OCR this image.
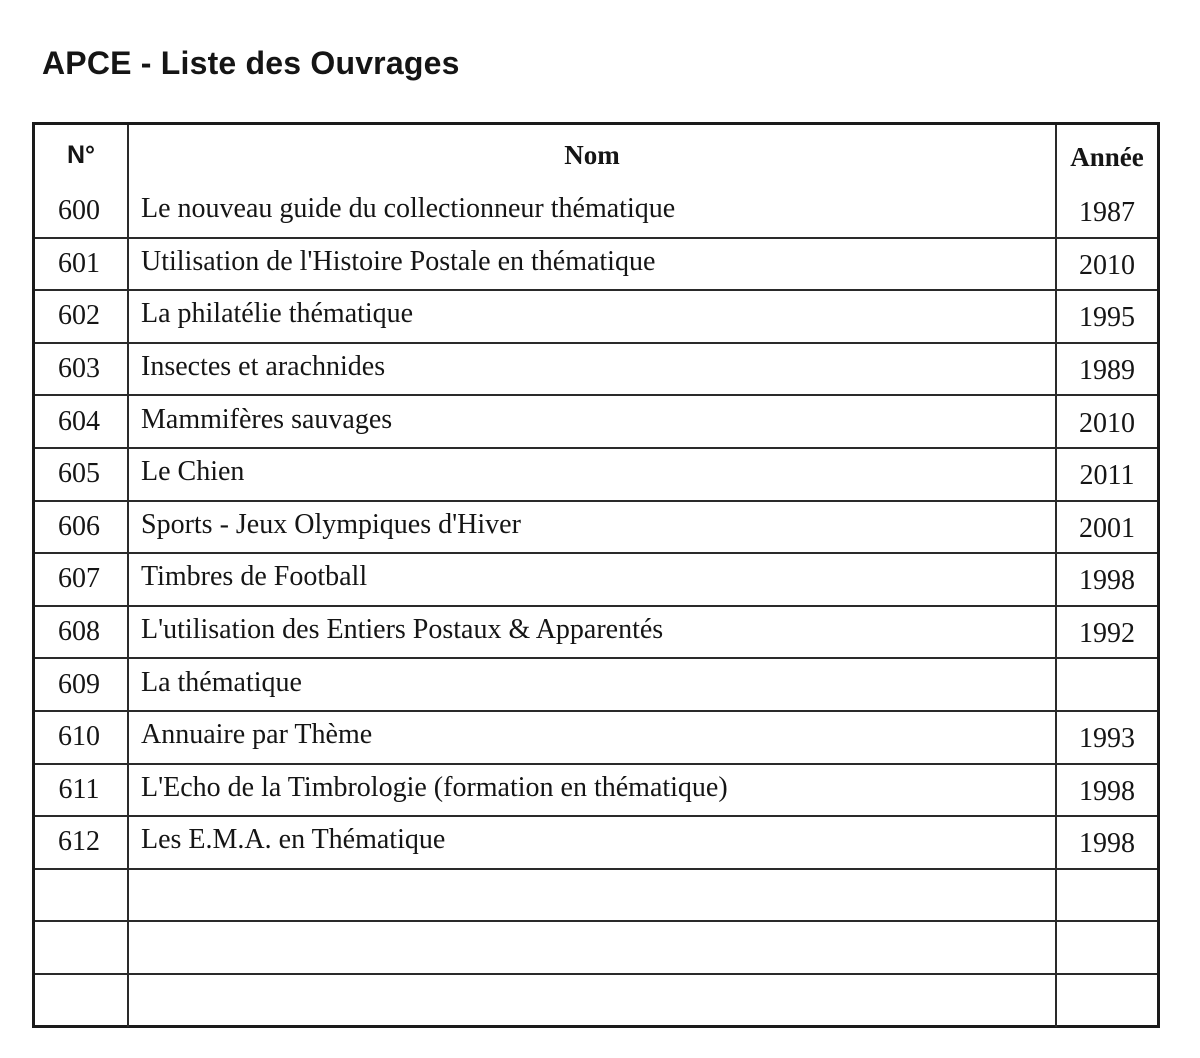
APCE - Liste des Ouvrages
N°	Nom	Année
600	Le nouveau guide du collectionneur thématique	1987
601	Utilisation de l'Histoire Postale en thématique	2010
602	La philatélie thématique	1995
603	Insectes et arachnides	1989
604	Mammifères sauvages	2010
605	Le Chien	2011
606	Sports - Jeux Olympiques d'Hiver	2001
607	Timbres de Football	1998
608	L'utilisation des Entiers Postaux & Apparentés	1992
609	La thématique	
610	Annuaire par Thème	1993
611	L'Echo de la Timbrologie (formation en thématique)	1998
612	Les E.M.A. en Thématique	1998
